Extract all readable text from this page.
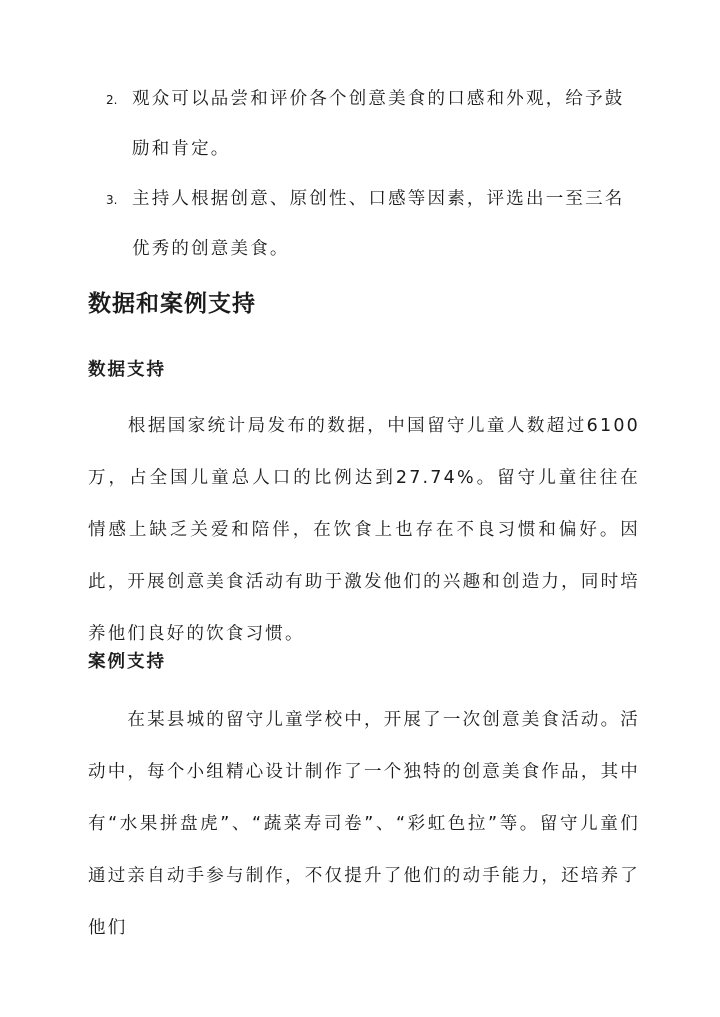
2. 观众可以品尝和评价各个创意美食的口感和外观，给予鼓励和肯定。
3. 主持人根据创意、原创性、口感等因素，评选出一至三名优秀的创意美食。
数据和案例支持
数据支持
　　根据国家统计局发布的数据，中国留守儿童人数超过6100万，占全国儿童总人口的比例达到27.74%。留守儿童往往在情感上缺乏关爱和陪伴，在饮食上也存在不良习惯和偏好。因此，开展创意美食活动有助于激发他们的兴趣和创造力，同时培养他们良好的饮食习惯。
案例支持
　　在某县城的留守儿童学校中，开展了一次创意美食活动。活动中，每个小组精心设计制作了一个独特的创意美食作品，其中有“水果拼盘虎”、“蔬菜寿司卷”、“彩虹色拉”等。留守儿童们通过亲自动手参与制作，不仅提升了他们的动手能力，还培养了他们
